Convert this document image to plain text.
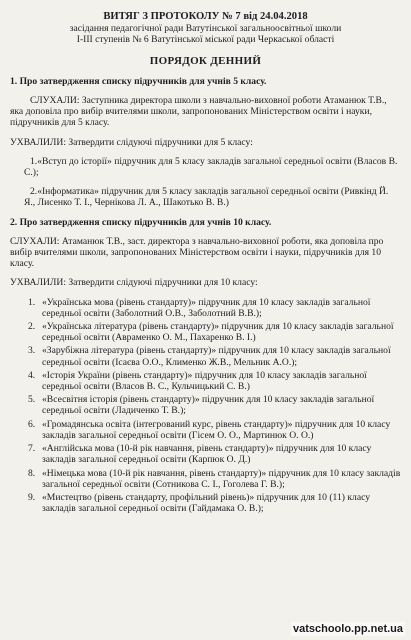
ВИТЯГ З ПРОТОКОЛУ № 7 від 24.04.2018
засідання педагогічної ради Ватутінської загальноосвітньої школи
І-ІІІ ступенів № 6 Ватутінської міської ради Черкаської області
ПОРЯДОК ДЕННИЙ
1. Про затвердження списку підручників для учнів 5 класу.

СЛУХАЛИ: Заступника директора школи з навчально-виховної роботи Атаманюк Т.В., яка доповіла про вибір вчителями школи, запропонованих Міністерством освіти і науки, підручників для 5 класу.

УХВАЛИЛИ: Затвердити слідуючі підручники для 5 класу:

1.«Вступ до історії» підручник для 5 класу закладів загальної середньої освіти (Власов В. С.);

2.«Інформатика» підручник для 5 класу закладів загальної середньої освіти (Ривкінд Й. Я., Лисенко Т. І., Чернікова Л. А., Шакотько В. В.)

2. Про затвердження списку підручників для учнів 10 класу.

СЛУХАЛИ: Атаманюк Т.В., заст. директора з навчально-виховної роботи, яка доповіла про вибір вчителями школи, запропонованих Міністерством освіти і науки, підручників для 10 класу.

УХВАЛИЛИ: Затвердити слідуючі підручники для 10 класу:

1. «Українська мова (рівень стандарту)» підручник для 10 класу закладів загальної середньої освіти (Заболотний О.В., Заболотний В.В.);
2. «Українська література (рівень стандарту)» підручник для 10 класу закладів загальної середньої освіти (Авраменко О. М., Пахаренко В. І.)
3. «Зарубіжна література (рівень стандарту)» підручник для 10 класу закладів загальної середньої освіти (Ісаєва О.О., Клименко Ж.В., Мельник А.О.);
4. «Історія України (рівень стандарту)» підручник для 10 класу закладів загальної середньої освіти (Власов В. С., Кульчицький С. В.)
5. «Всесвітня історія (рівень стандарту)» підручник для 10 класу закладів загальної середньої освіти (Ладиченко Т. В.);
6. «Громадянська освіта (інтегрований курс, рівень стандарту)» підручник для 10 класу закладів загальної середньої освіти (Гісем О. О., Мартинюк О. О.)
7. «Англійська мова (10-й рік навчання, рівень стандарту)» підручник для 10 класу закладів загальної середньої освіти (Карпюк О. Д.)
8. «Німецька мова (10-й рік навчання, рівень стандарту)» підручник для 10 класу закладів загальної середньої освіти (Сотникова С. І., Гоголева Г. В.);
9. «Мистецтво (рівень стандарту, профільний рівень)» підручник для 10 (11) класу закладів загальної середньої освіти (Гайдамака О. В.);
vatschoolo.pp.net.ua
